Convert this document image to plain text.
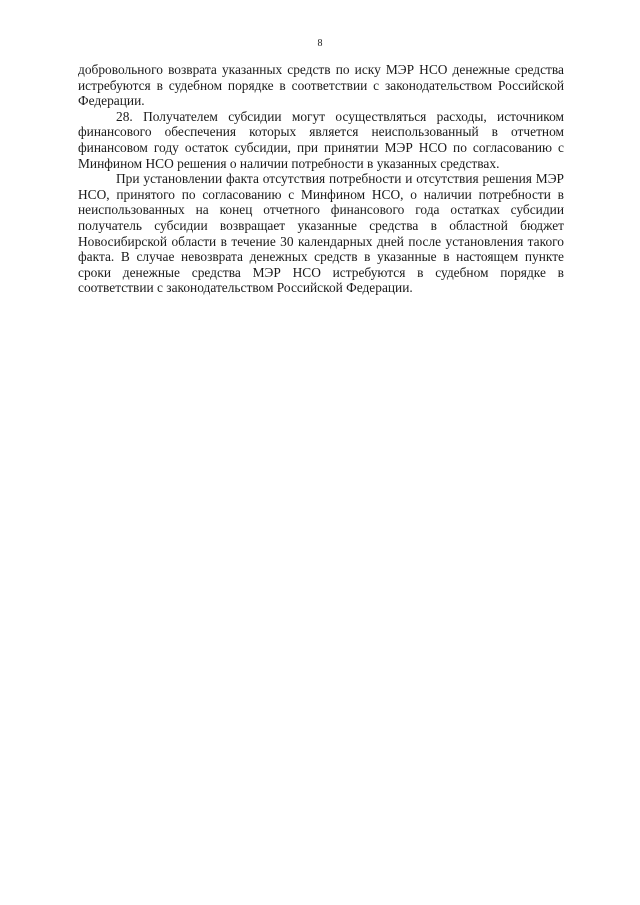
8

добровольного возврата указанных средств по иску МЭР НСО денежные средства истребуются в судебном порядке в соответствии с законодательством Российской Федерации.

28. Получателем субсидии могут осуществляться расходы, источником финансового обеспечения которых является неиспользованный в отчетном финансовом году остаток субсидии, при принятии МЭР НСО по согласованию с Минфином НСО решения о наличии потребности в указанных средствах.

При установлении факта отсутствия потребности и отсутствия решения МЭР НСО, принятого по согласованию с Минфином НСО, о наличии потребности в неиспользованных на конец отчетного финансового года остатках субсидии получатель субсидии возвращает указанные средства в областной бюджет Новосибирской области в течение 30 календарных дней после установления такого факта. В случае невозврата денежных средств в указанные в настоящем пункте сроки денежные средства МЭР НСО истребуются в судебном порядке в соответствии с законодательством Российской Федерации.
